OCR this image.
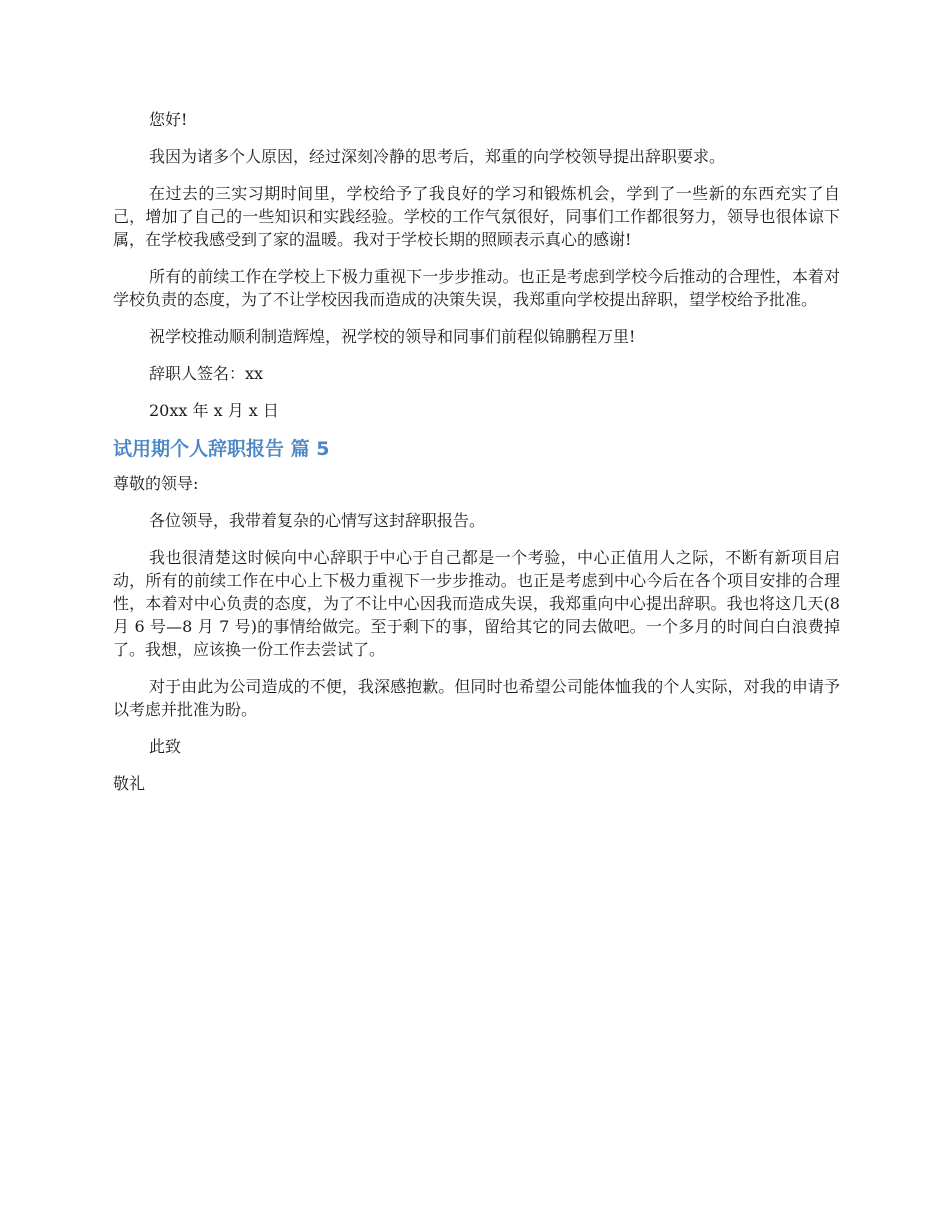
您好!

我因为诸多个人原因，经过深刻冷静的思考后，郑重的向学校领导提出辞职要求。

在过去的三实习期时间里，学校给予了我良好的学习和锻炼机会，学到了一些新的东西充实了自己，增加了自己的一些知识和实践经验。学校的工作气氛很好，同事们工作都很努力，领导也很体谅下属，在学校我感受到了家的温暖。我对于学校长期的照顾表示真心的感谢!

所有的前续工作在学校上下极力重视下一步步推动。也正是考虑到学校今后推动的合理性，本着对学校负责的态度，为了不让学校因我而造成的决策失误，我郑重向学校提出辞职，望学校给予批准。

祝学校推动顺利制造辉煌，祝学校的领导和同事们前程似锦鹏程万里!

辞职人签名：xx

20xx 年 x 月 x 日

试用期个人辞职报告 篇 5

尊敬的领导:

各位领导，我带着复杂的心情写这封辞职报告。

我也很清楚这时候向中心辞职于中心于自己都是一个考验，中心正值用人之际，不断有新项目启动，所有的前续工作在中心上下极力重视下一步步推动。也正是考虑到中心今后在各个项目安排的合理性，本着对中心负责的态度，为了不让中心因我而造成失误，我郑重向中心提出辞职。我也将这几天(8 月 6 号—8 月 7 号)的事情给做完。至于剩下的事，留给其它的同去做吧。一个多月的时间白白浪费掉了。我想，应该换一份工作去尝试了。

对于由此为公司造成的不便，我深感抱歉。但同时也希望公司能体恤我的个人实际，对我的申请予以考虑并批准为盼。

此致

敬礼
